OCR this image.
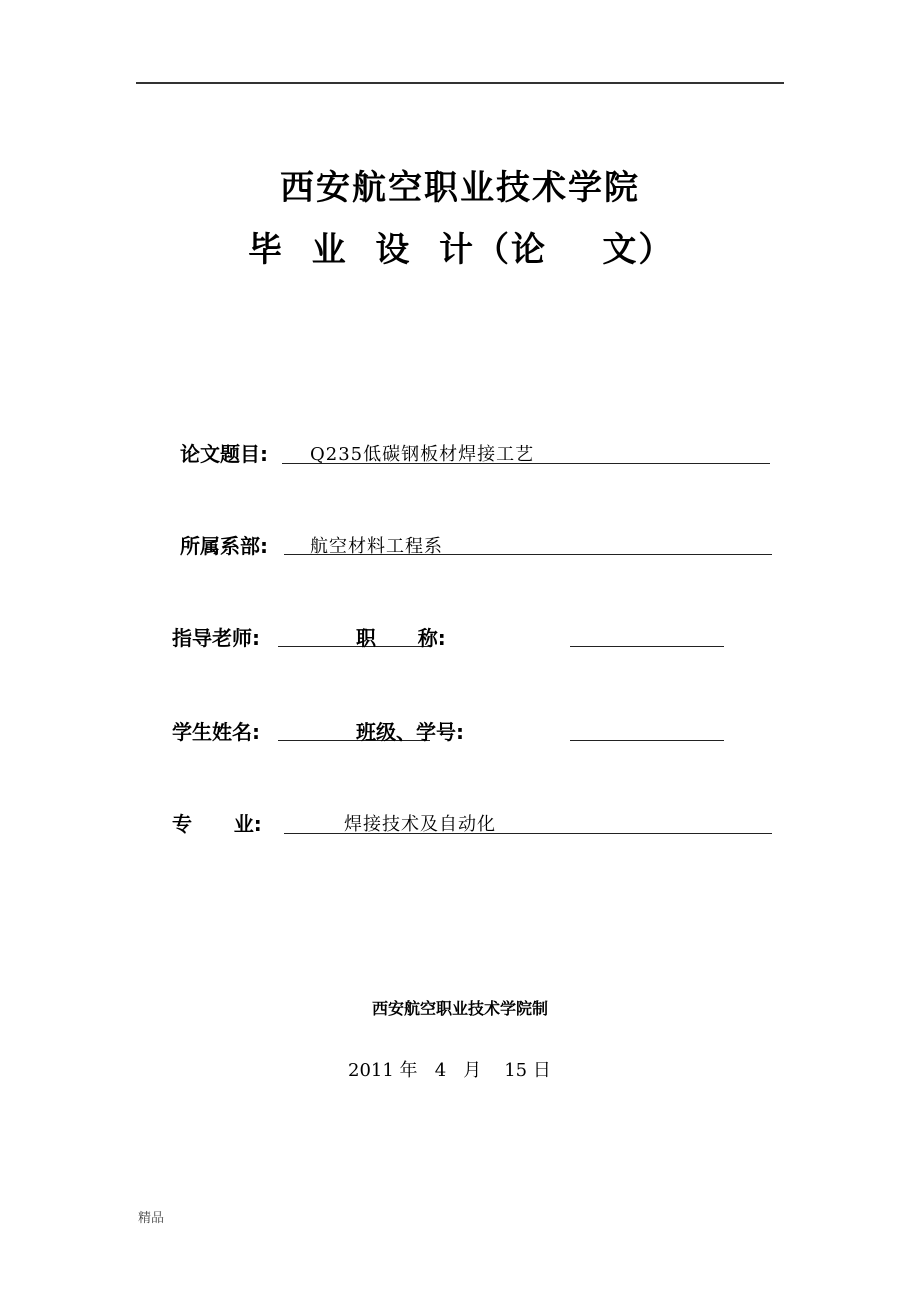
西安航空职业技术学院
毕  业  设  计（论    文）
论文题目: Q235低碳钢板材焊接工艺
所属系部: 航空材料工程系
指导老师:	职      称:
学生姓名:	班级、学号:
专      业:	焊接技术及自动化
西安航空职业技术学院制
2011 年   4   月    15 日
精品
